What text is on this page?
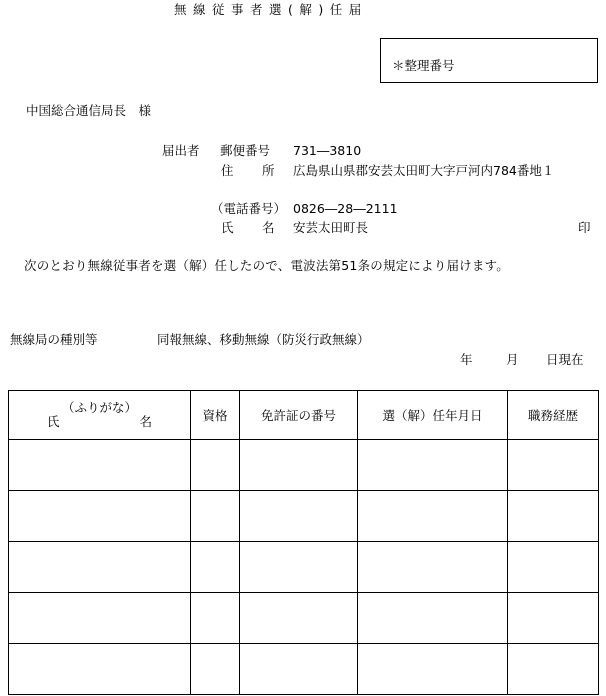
無線従事者選(解)任届
＊整理番号
中国総合通信局長　様
届出者 郵便番号 731―3810
住 所 広島県山県郡安芸太田町大字戸河内784番地１
（電話番号） 0826―28―2111
氏 名 安芸太田町長	印
次のとおり無線従事者を選（解）任したので、電波法第51条の規定により届けます。
無線局の種別等	同報無線、移動無線（防災行政無線）
年	月 日現在
（ふりがな）
氏 名	資格	免許証の番号	選（解）任年月日	職務経歴
